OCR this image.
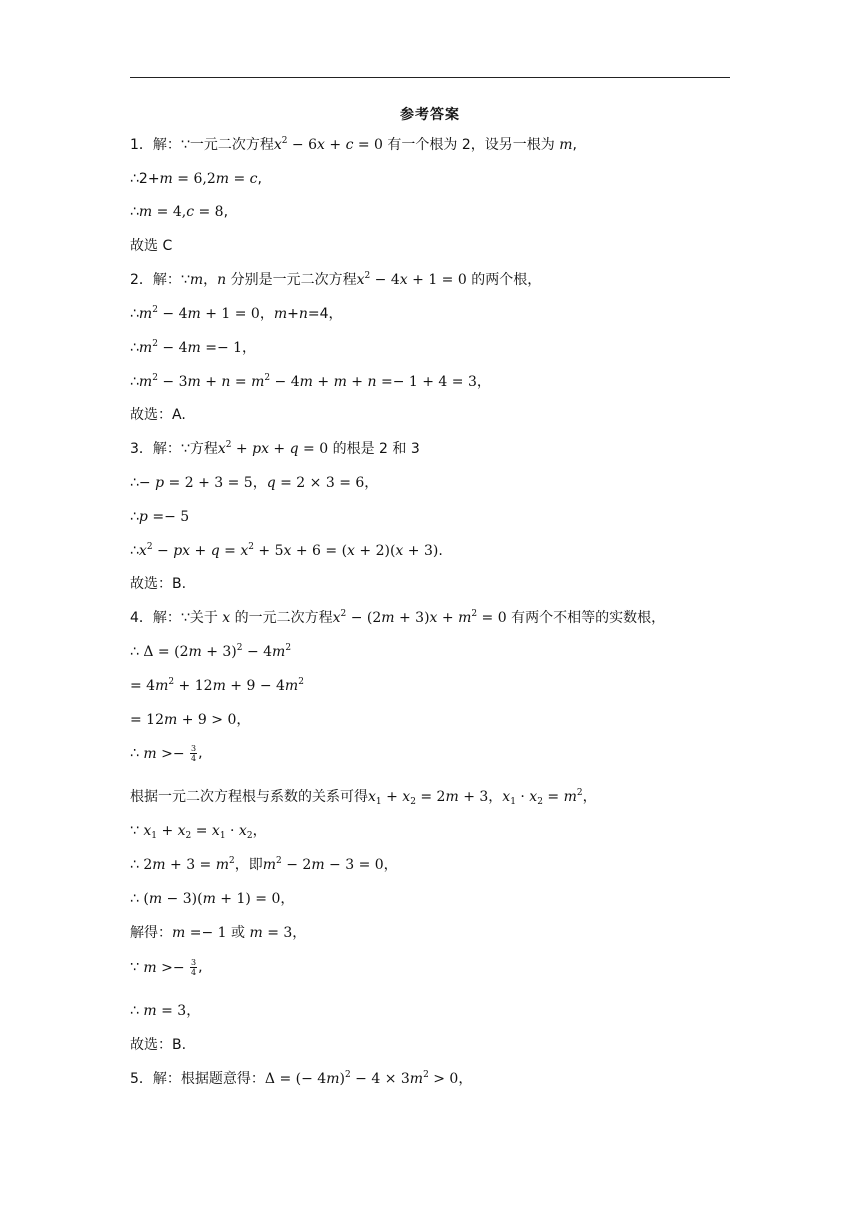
参考答案
1．解：∵一元二次方程$x^2 - 6x + c = 0$ 有一个根为 2，设另一根为 m,
∴2+m = 6,2m = c,
∴m = 4,c = 8,
故选 C
2．解：∵m，n 分别是一元二次方程$x^2 - 4x + 1 = 0$ 的两个根，
$\therefore m^2 - 4m + 1 = 0$，m+n=4，
$\therefore m^2 - 4m =- 1$，
$\therefore m^2 - 3m + n = m^2 - 4m + m + n =- 1 + 4 = 3$，
故选：A.
3．解：∵方程$x^2$ + px + q = 0 的根是 2 和 3
∴− p = 2 + 3 = 5，q = 2 × 3 = 6，
∴p =− 5
$\therefore x^2$ − px + $q = x^2 + 5x + 6 = (x + 2)(x + 3)$.
故选：B.
4．解：∵关于 x 的一元二次方程$x^2 - (2m + 3)x + m^2 = 0$ 有两个不相等的实数根，
∴ $\Delta = (2m + 3)^2 - 4m^2$
= $4m^2 + 12m + 9 - 4m^2$
= 12m + 9 > 0，
∴ $m >- \frac{3}{4}$ ,
根据一元二次方程根与系数的关系可得$x_1 + x_2 = 2m + 3$，$x_1 \cdot x_2 = m^2$，
∵ $x_1 + x_2 = x_1 \cdot x_2$，
∴ $2m + 3 = m^2$，即$m^2 - 2m - 3 = 0$，
∴ (m − 3)(m + 1) = 0，
解得：m =− 1 或 m = 3，
∵ $m >- \frac{3}{4}$ ,
∴ m = 3，
故选：B.
5．解：根据题意得：Δ = (− $4m)^2 - 4 \times 3m^2 > 0$，
